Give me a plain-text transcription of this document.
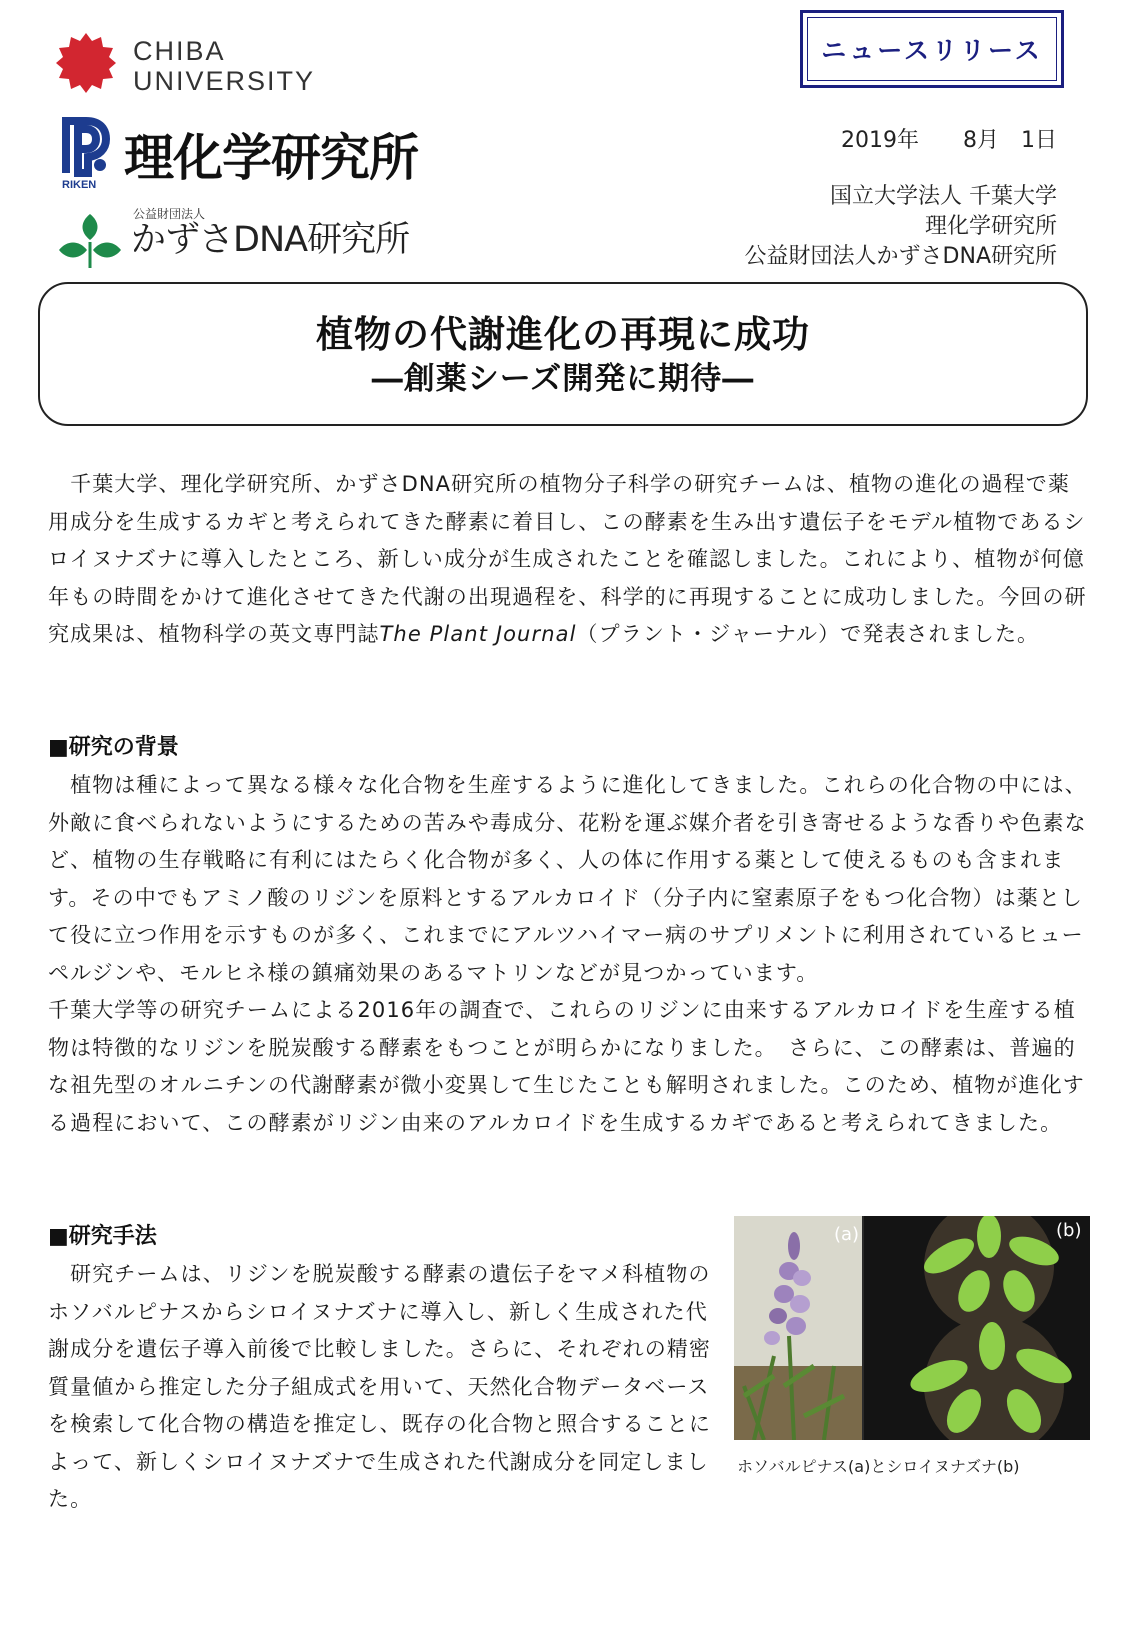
CHIBA
UNIVERSITY
RIKEN 理化学研究所
公益財団法人
かずさDNA研究所
ニュースリリース
2019年　　8月　1日
国立大学法人 千葉大学
理化学研究所
公益財団法人かずさDNA研究所
植物の代謝進化の再現に成功
―創薬シーズ開発に期待―

　千葉大学、理化学研究所、かずさDNA研究所の植物分子科学の研究チームは、植物の進化の過程で薬用成分を生成するカギと考えられてきた酵素に着目し、この酵素を生み出す遺伝子をモデル植物であるシロイヌナズナに導入したところ、新しい成分が生成されたことを確認しました。これにより、植物が何億年もの時間をかけて進化させてきた代謝の出現過程を、科学的に再現することに成功しました。今回の研究成果は、植物科学の英文専門誌The Plant Journal（プラント・ジャーナル）で発表されました。

■研究の背景

　植物は種によって異なる様々な化合物を生産するように進化してきました。これらの化合物の中には、外敵に食べられないようにするための苦みや毒成分、花粉を運ぶ媒介者を引き寄せるような香りや色素など、植物の生存戦略に有利にはたらく化合物が多く、人の体に作用する薬として使えるものも含まれます。その中でもアミノ酸のリジンを原料とするアルカロイド（分子内に窒素原子をもつ化合物）は薬として役に立つ作用を示すものが多く、これまでにアルツハイマー病のサプリメントに利用されているヒューペルジンや、モルヒネ様の鎮痛効果のあるマトリンなどが見つかっています。

千葉大学等の研究チームによる2016年の調査で、これらのリジンに由来するアルカロイドを生産する植物は特徴的なリジンを脱炭酸する酵素をもつことが明らかになりました。　さらに、この酵素は、普遍的な祖先型のオルニチンの代謝酵素が微小変異して生じたことも解明されました。このため、植物が進化する過程において、この酵素がリジン由来のアルカロイドを生成するカギであると考えられてきました。

■研究手法

　研究チームは、リジンを脱炭酸する酵素の遺伝子をマメ科植物のホソバルピナスからシロイヌナズナに導入し、新しく生成された代謝成分を遺伝子導入前後で比較しました。さらに、それぞれの精密質量値から推定した分子組成式を用いて、天然化合物データベースを検索して化合物の構造を推定し、既存の化合物と照合することによって、新しくシロイヌナズナで生成された代謝成分を同定しました。

(a)	(b)
ホソバルピナス(a)とシロイヌナズナ(b)
